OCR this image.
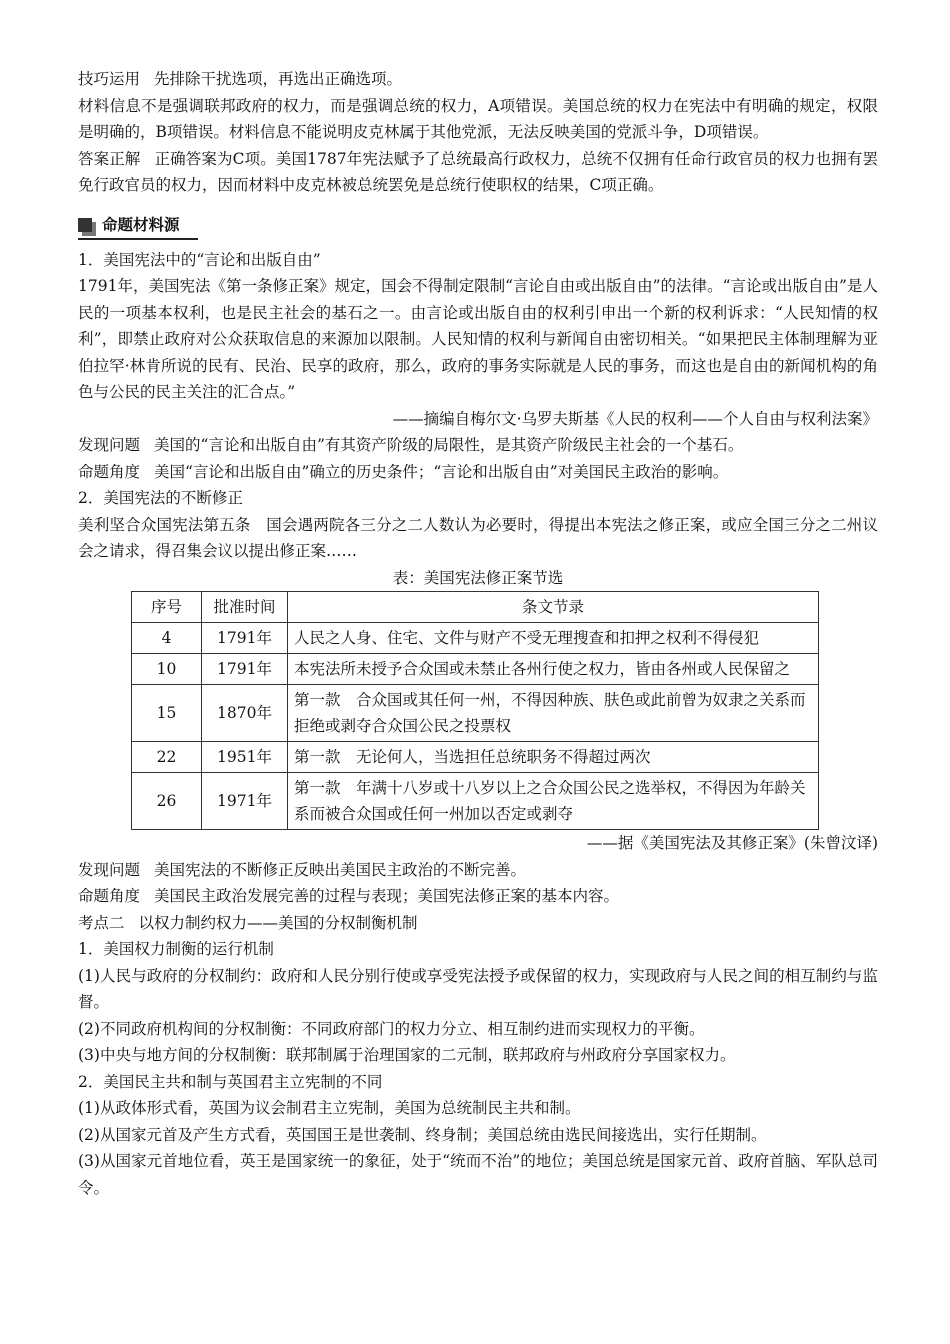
技巧运用 先排除干扰选项，再选出正确选项。

材料信息不是强调联邦政府的权力，而是强调总统的权力，A项错误。美国总统的权力在宪法中有明确的规定，权限是明确的，B项错误。材料信息不能说明皮克林属于其他党派，无法反映美国的党派斗争，D项错误。

答案正解 正确答案为C项。美国1787年宪法赋予了总统最高行政权力，总统不仅拥有任命行政官员的权力也拥有罢免行政官员的权力，因而材料中皮克林被总统罢免是总统行使职权的结果，C项正确。

命题材料源

1．美国宪法中的“言论和出版自由”

1791年，美国宪法《第一条修正案》规定，国会不得制定限制“言论自由或出版自由”的法律。“言论或出版自由”是人民的一项基本权利，也是民主社会的基石之一。由言论或出版自由的权利引申出一个新的权利诉求：“人民知情的权利”，即禁止政府对公众获取信息的来源加以限制。人民知情的权利与新闻自由密切相关。“如果把民主体制理解为亚伯拉罕·林肯所说的民有、民治、民享的政府，那么，政府的事务实际就是人民的事务，而这也是自由的新闻机构的角色与公民的民主关注的汇合点。”

——摘编自梅尔文·乌罗夫斯基《人民的权利——个人自由与权利法案》

发现问题 美国的“言论和出版自由”有其资产阶级的局限性，是其资产阶级民主社会的一个基石。

命题角度 美国“言论和出版自由”确立的历史条件；“言论和出版自由”对美国民主政治的影响。

2．美国宪法的不断修正

美利坚合众国宪法第五条　国会遇两院各三分之二人数认为必要时，得提出本宪法之修正案，或应全国三分之二州议会之请求，得召集会议以提出修正案……

表：美国宪法修正案节选

序号	批准时间	条文节录
4	1791年	人民之人身、住宅、文件与财产不受无理搜查和扣押之权利不得侵犯
10	1791年	本宪法所未授予合众国或未禁止各州行使之权力，皆由各州或人民保留之
15	1870年	第一款　合众国或其任何一州，不得因种族、肤色或此前曾为奴隶之关系而拒绝或剥夺合众国公民之投票权
22	1951年	第一款　无论何人，当选担任总统职务不得超过两次
26	1971年	第一款　年满十八岁或十八岁以上之合众国公民之选举权，不得因为年龄关系而被合众国或任何一州加以否定或剥夺

——据《美国宪法及其修正案》(朱曾汶译)

发现问题 美国宪法的不断修正反映出美国民主政治的不断完善。

命题角度 美国民主政治发展完善的过程与表现；美国宪法修正案的基本内容。

考点二 以权力制约权力——美国的分权制衡机制

1．美国权力制衡的运行机制

(1)人民与政府的分权制约：政府和人民分别行使或享受宪法授予或保留的权力，实现政府与人民之间的相互制约与监督。

(2)不同政府机构间的分权制衡：不同政府部门的权力分立、相互制约进而实现权力的平衡。

(3)中央与地方间的分权制衡：联邦制属于治理国家的二元制，联邦政府与州政府分享国家权力。

2．美国民主共和制与英国君主立宪制的不同

(1)从政体形式看，英国为议会制君主立宪制，美国为总统制民主共和制。

(2)从国家元首及产生方式看，英国国王是世袭制、终身制；美国总统由选民间接选出，实行任期制。

(3)从国家元首地位看，英王是国家统一的象征，处于“统而不治”的地位；美国总统是国家元首、政府首脑、军队总司令。
